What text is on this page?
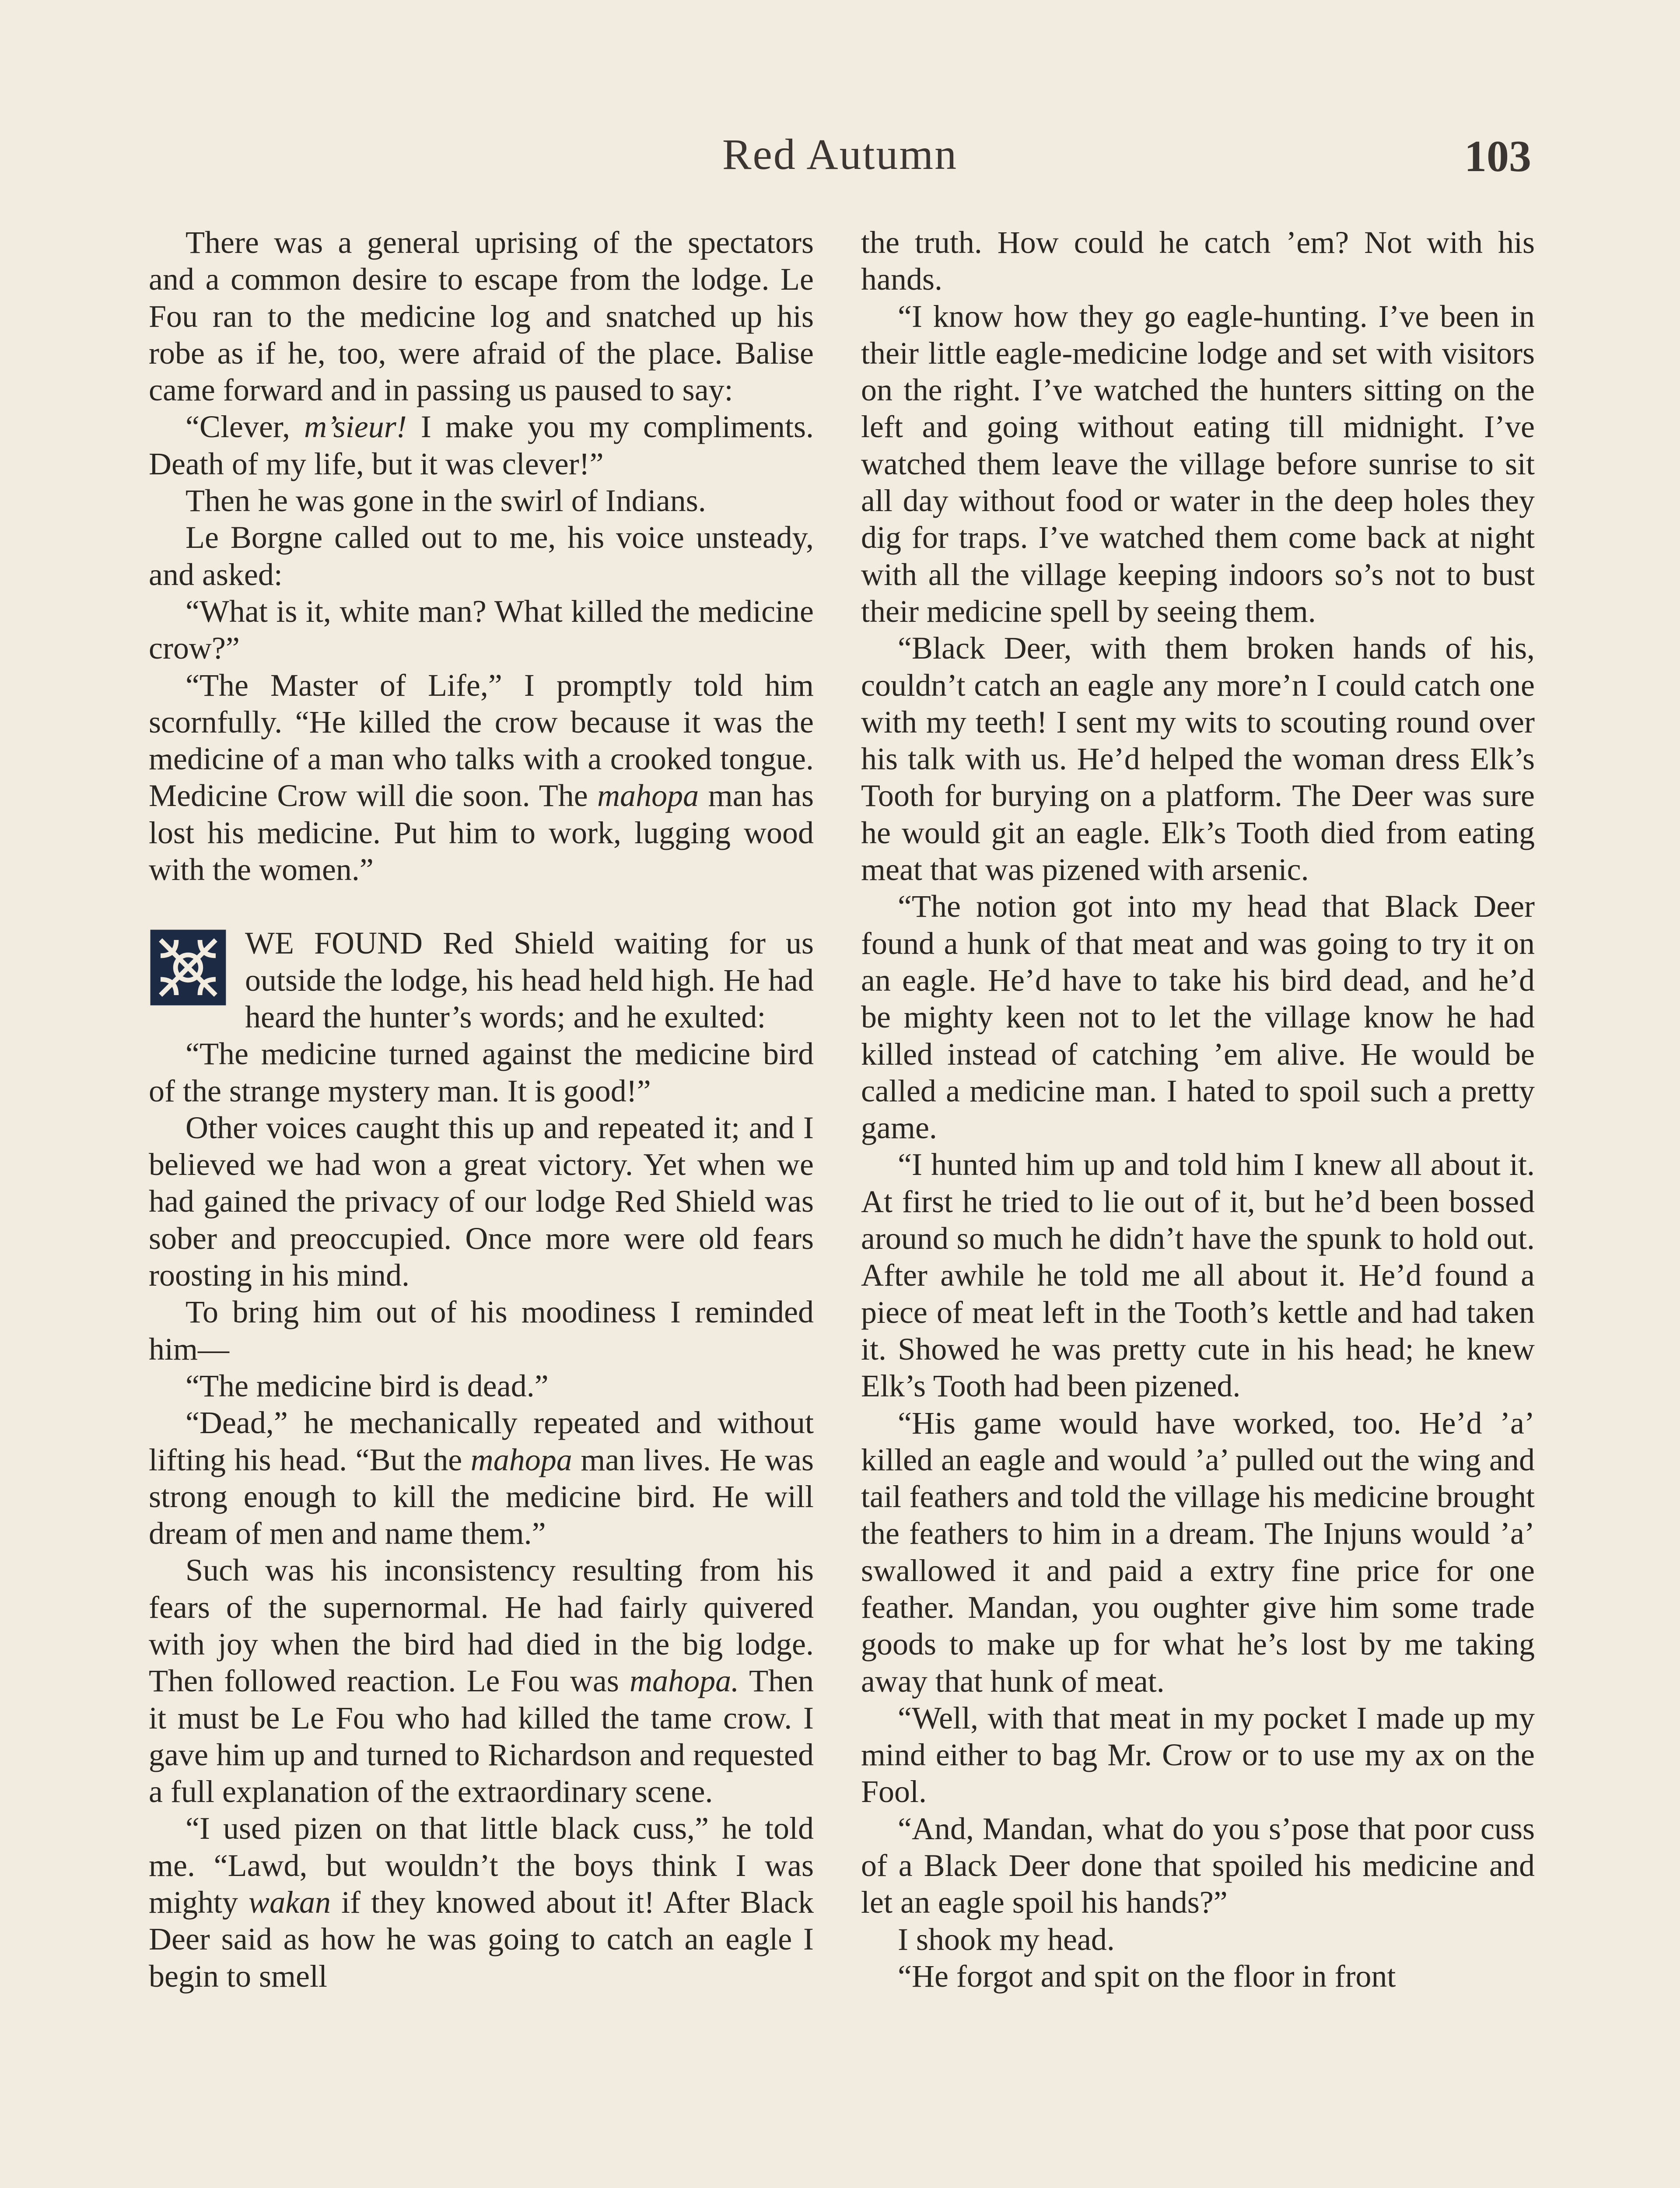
Red Autumn	103

There was a general uprising of the spectators and a common desire to escape from the lodge. Le Fou ran to the medicine log and snatched up his robe as if he, too, were afraid of the place. Balise came forward and in passing us paused to say:

“Clever, m’sieur! I make you my compliments. Death of my life, but it was clever!”

Then he was gone in the swirl of Indians.

Le Borgne called out to me, his voice unsteady, and asked:

“What is it, white man? What killed the medicine crow?”

“The Master of Life,” I promptly told him scornfully. “He killed the crow because it was the medicine of a man who talks with a crooked tongue. Medicine Crow will die soon. The mahopa man has lost his medicine. Put him to work, lugging wood with the women.”

WE FOUND Red Shield waiting for us outside the lodge, his head held high. He had heard the hunter’s words; and he exulted:

“The medicine turned against the medicine bird of the strange mystery man. It is good!”

Other voices caught this up and repeated it; and I believed we had won a great victory. Yet when we had gained the privacy of our lodge Red Shield was sober and preoccupied. Once more were old fears roosting in his mind.

To bring him out of his moodiness I reminded him—

“The medicine bird is dead.”

“Dead,” he mechanically repeated and without lifting his head. “But the mahopa man lives. He was strong enough to kill the medicine bird. He will dream of men and name them.”

Such was his inconsistency resulting from his fears of the supernormal. He had fairly quivered with joy when the bird had died in the big lodge. Then followed reaction. Le Fou was mahopa. Then it must be Le Fou who had killed the tame crow. I gave him up and turned to Richardson and requested a full explanation of the extraordinary scene.

“I used pizen on that little black cuss,” he told me. “Lawd, but wouldn’t the boys think I was mighty wakan if they knowed about it! After Black Deer said as how he was going to catch an eagle I begin to smell

the truth. How could he catch ’em? Not with his hands.

“I know how they go eagle-hunting. I’ve been in their little eagle-medicine lodge and set with visitors on the right. I’ve watched the hunters sitting on the left and going without eating till midnight. I’ve watched them leave the village before sunrise to sit all day without food or water in the deep holes they dig for traps. I’ve watched them come back at night with all the village keeping indoors so’s not to bust their medicine spell by seeing them.

“Black Deer, with them broken hands of his, couldn’t catch an eagle any more’n I could catch one with my teeth! I sent my wits to scouting round over his talk with us. He’d helped the woman dress Elk’s Tooth for burying on a platform. The Deer was sure he would git an eagle. Elk’s Tooth died from eating meat that was pizened with arsenic.

“The notion got into my head that Black Deer found a hunk of that meat and was going to try it on an eagle. He’d have to take his bird dead, and he’d be mighty keen not to let the village know he had killed instead of catching ’em alive. He would be called a medicine man. I hated to spoil such a pretty game.

“I hunted him up and told him I knew all about it. At first he tried to lie out of it, but he’d been bossed around so much he didn’t have the spunk to hold out. After awhile he told me all about it. He’d found a piece of meat left in the Tooth’s kettle and had taken it. Showed he was pretty cute in his head; he knew Elk’s Tooth had been pizened.

“His game would have worked, too. He’d ’a’ killed an eagle and would ’a’ pulled out the wing and tail feathers and told the village his medicine brought the feathers to him in a dream. The Injuns would ’a’ swallowed it and paid a extry fine price for one feather. Mandan, you oughter give him some trade goods to make up for what he’s lost by me taking away that hunk of meat.

“Well, with that meat in my pocket I made up my mind either to bag Mr. Crow or to use my ax on the Fool.

“And, Mandan, what do you s’pose that poor cuss of a Black Deer done that spoiled his medicine and let an eagle spoil his hands?”

I shook my head.

“He forgot and spit on the floor in front
